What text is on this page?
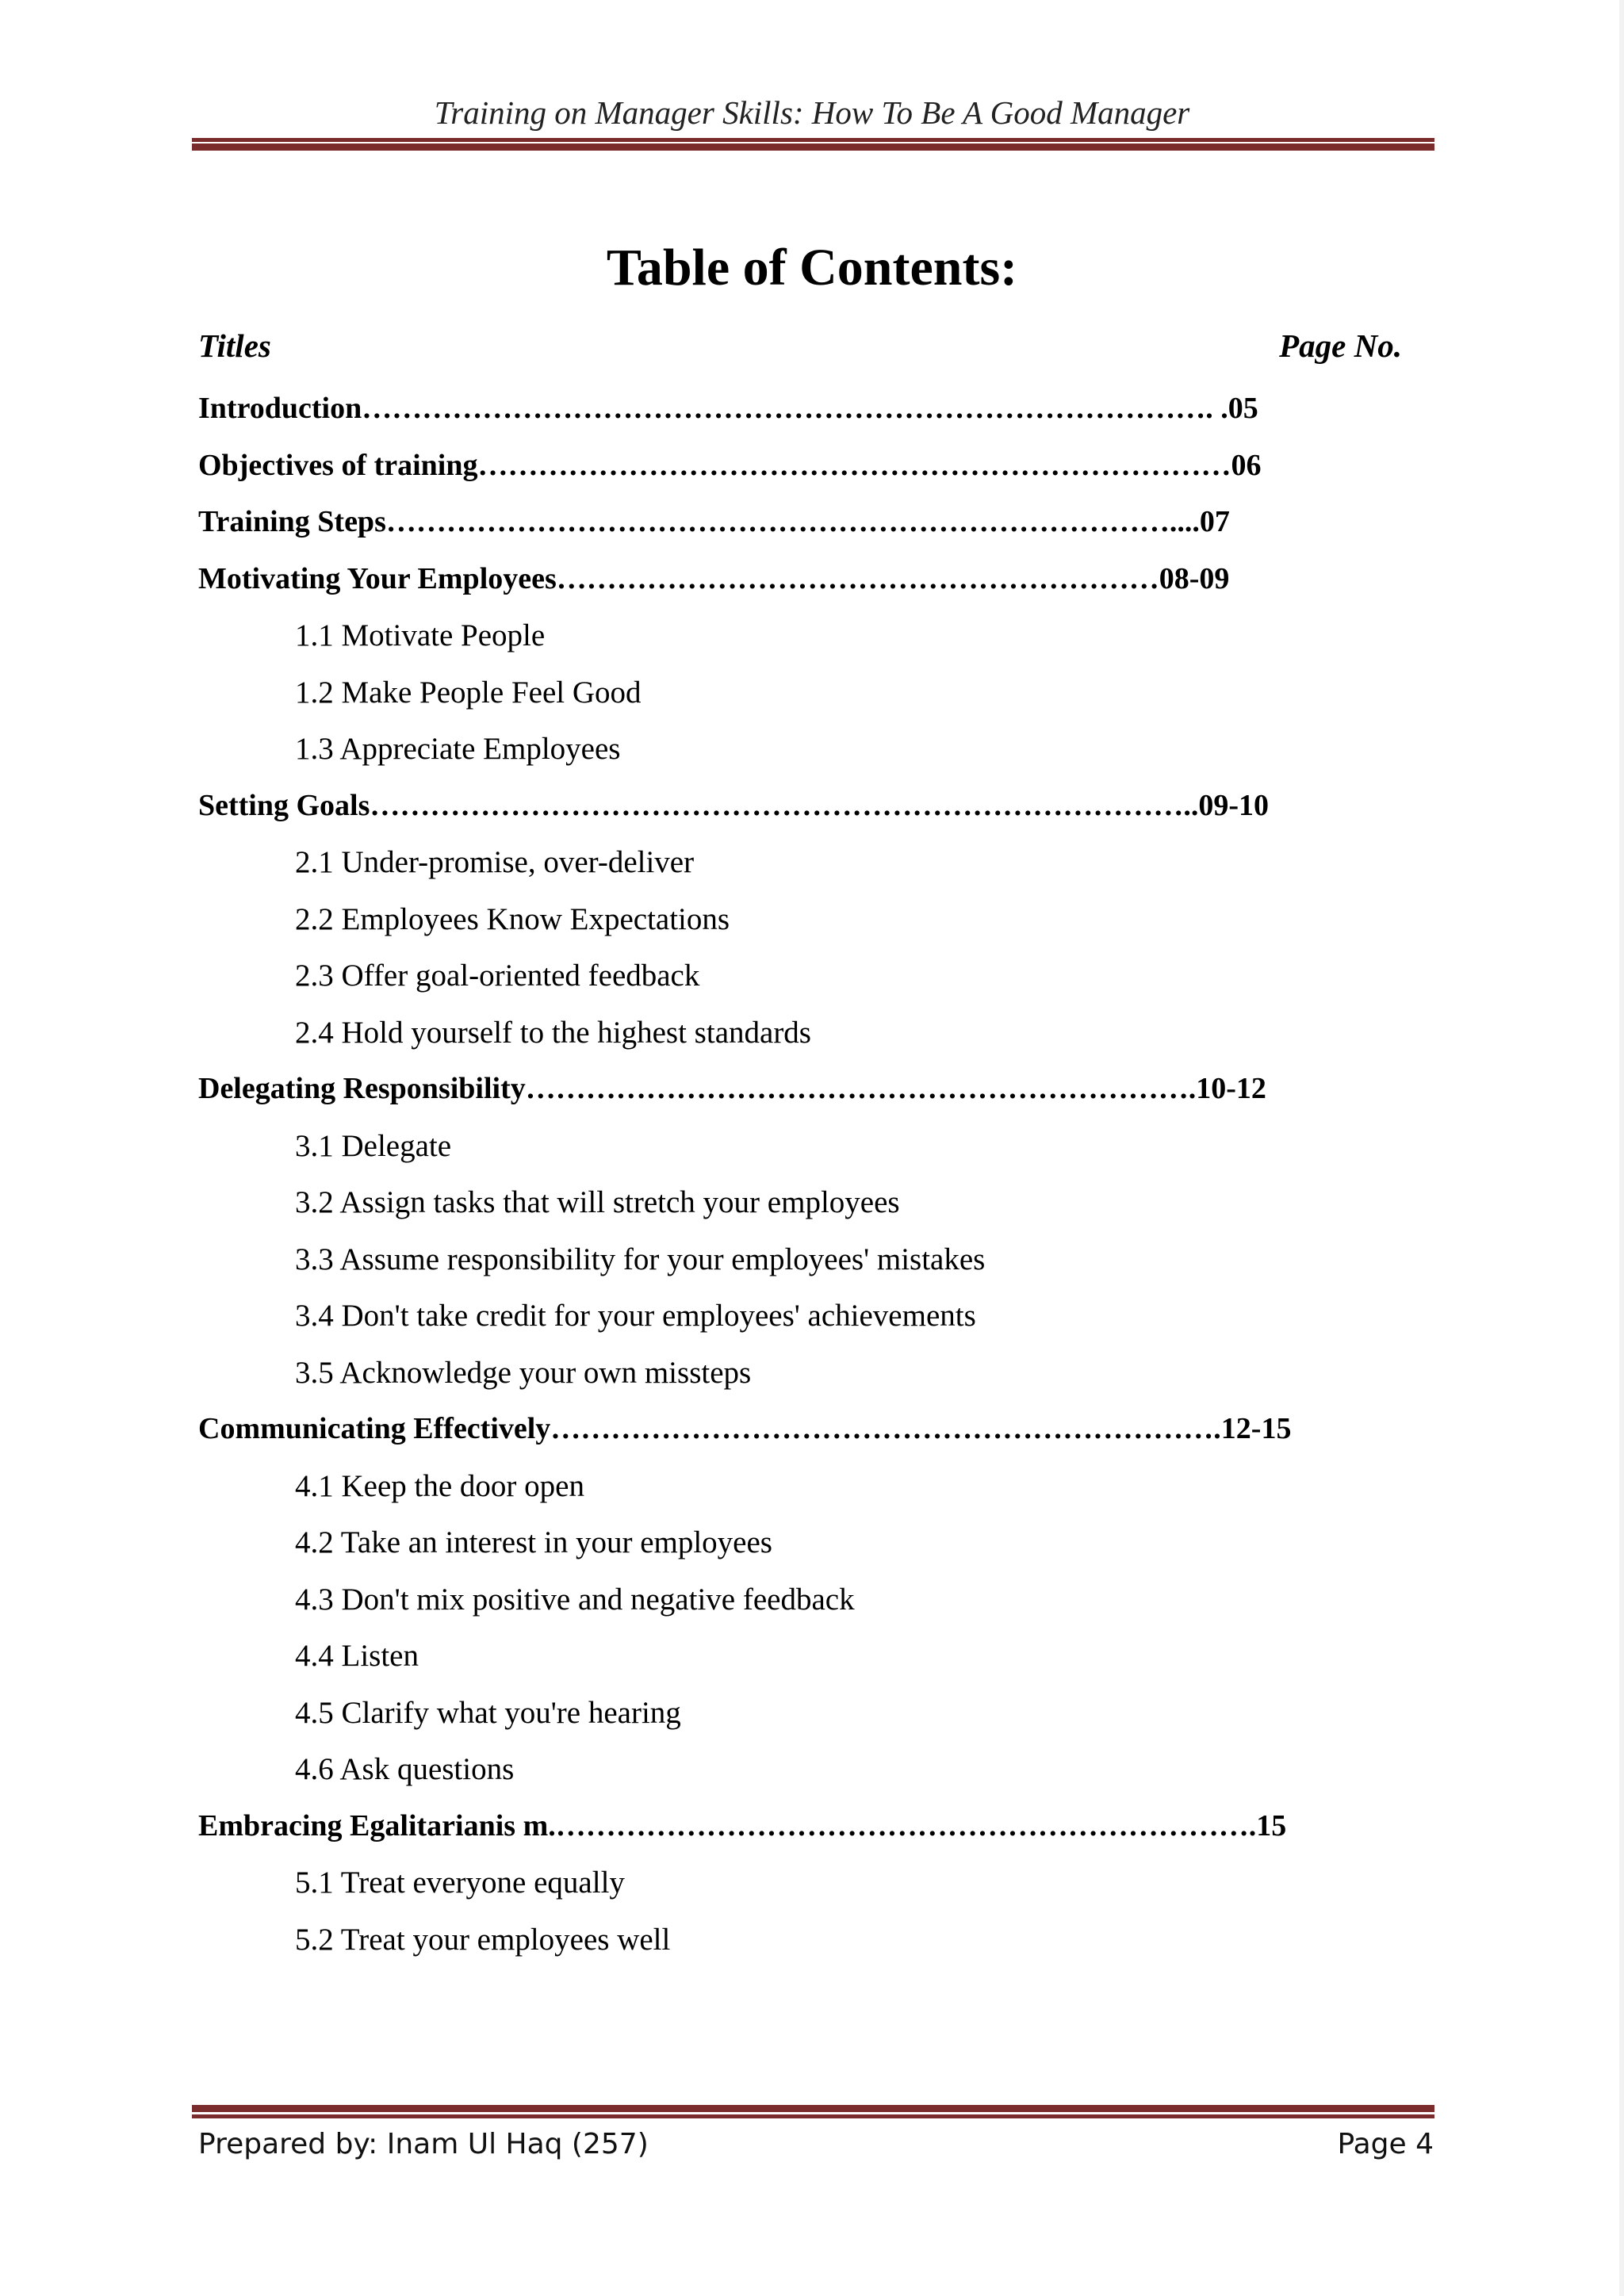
Training on Manager Skills: How To Be A Good Manager
Table of Contents:
Titles	Page No.
Introduction…………………………………………………………………………. .05
Objectives of training…………………………………………………………………06
Training Steps……………………………………………………………………....07
Motivating Your Employees……………………………………………………08-09
1.1 Motivate People
1.2 Make People Feel Good
1.3 Appreciate Employees
Setting Goals………………………………………………………………………..09-10
2.1 Under-promise, over-deliver
2.2 Employees Know Expectations
2.3 Offer goal-oriented feedback
2.4 Hold yourself to the highest standards
Delegating Responsibility………………………………………………………….10-12
3.1 Delegate
3.2 Assign tasks that will stretch your employees
3.3 Assume responsibility for your employees' mistakes
3.4 Don't take credit for your employees' achievements
3.5 Acknowledge your own missteps
Communicating Effectively………………………………………………………….12-15
4.1 Keep the door open
4.2 Take an interest in your employees
4.3 Don't mix positive and negative feedback
4.4 Listen
4.5 Clarify what you're hearing
4.6 Ask questions
Embracing Egalitarianis m.…………………………………………………………….15
5.1 Treat everyone equally
5.2 Treat your employees well
Prepared by: Inam Ul Haq (257)	Page 4
